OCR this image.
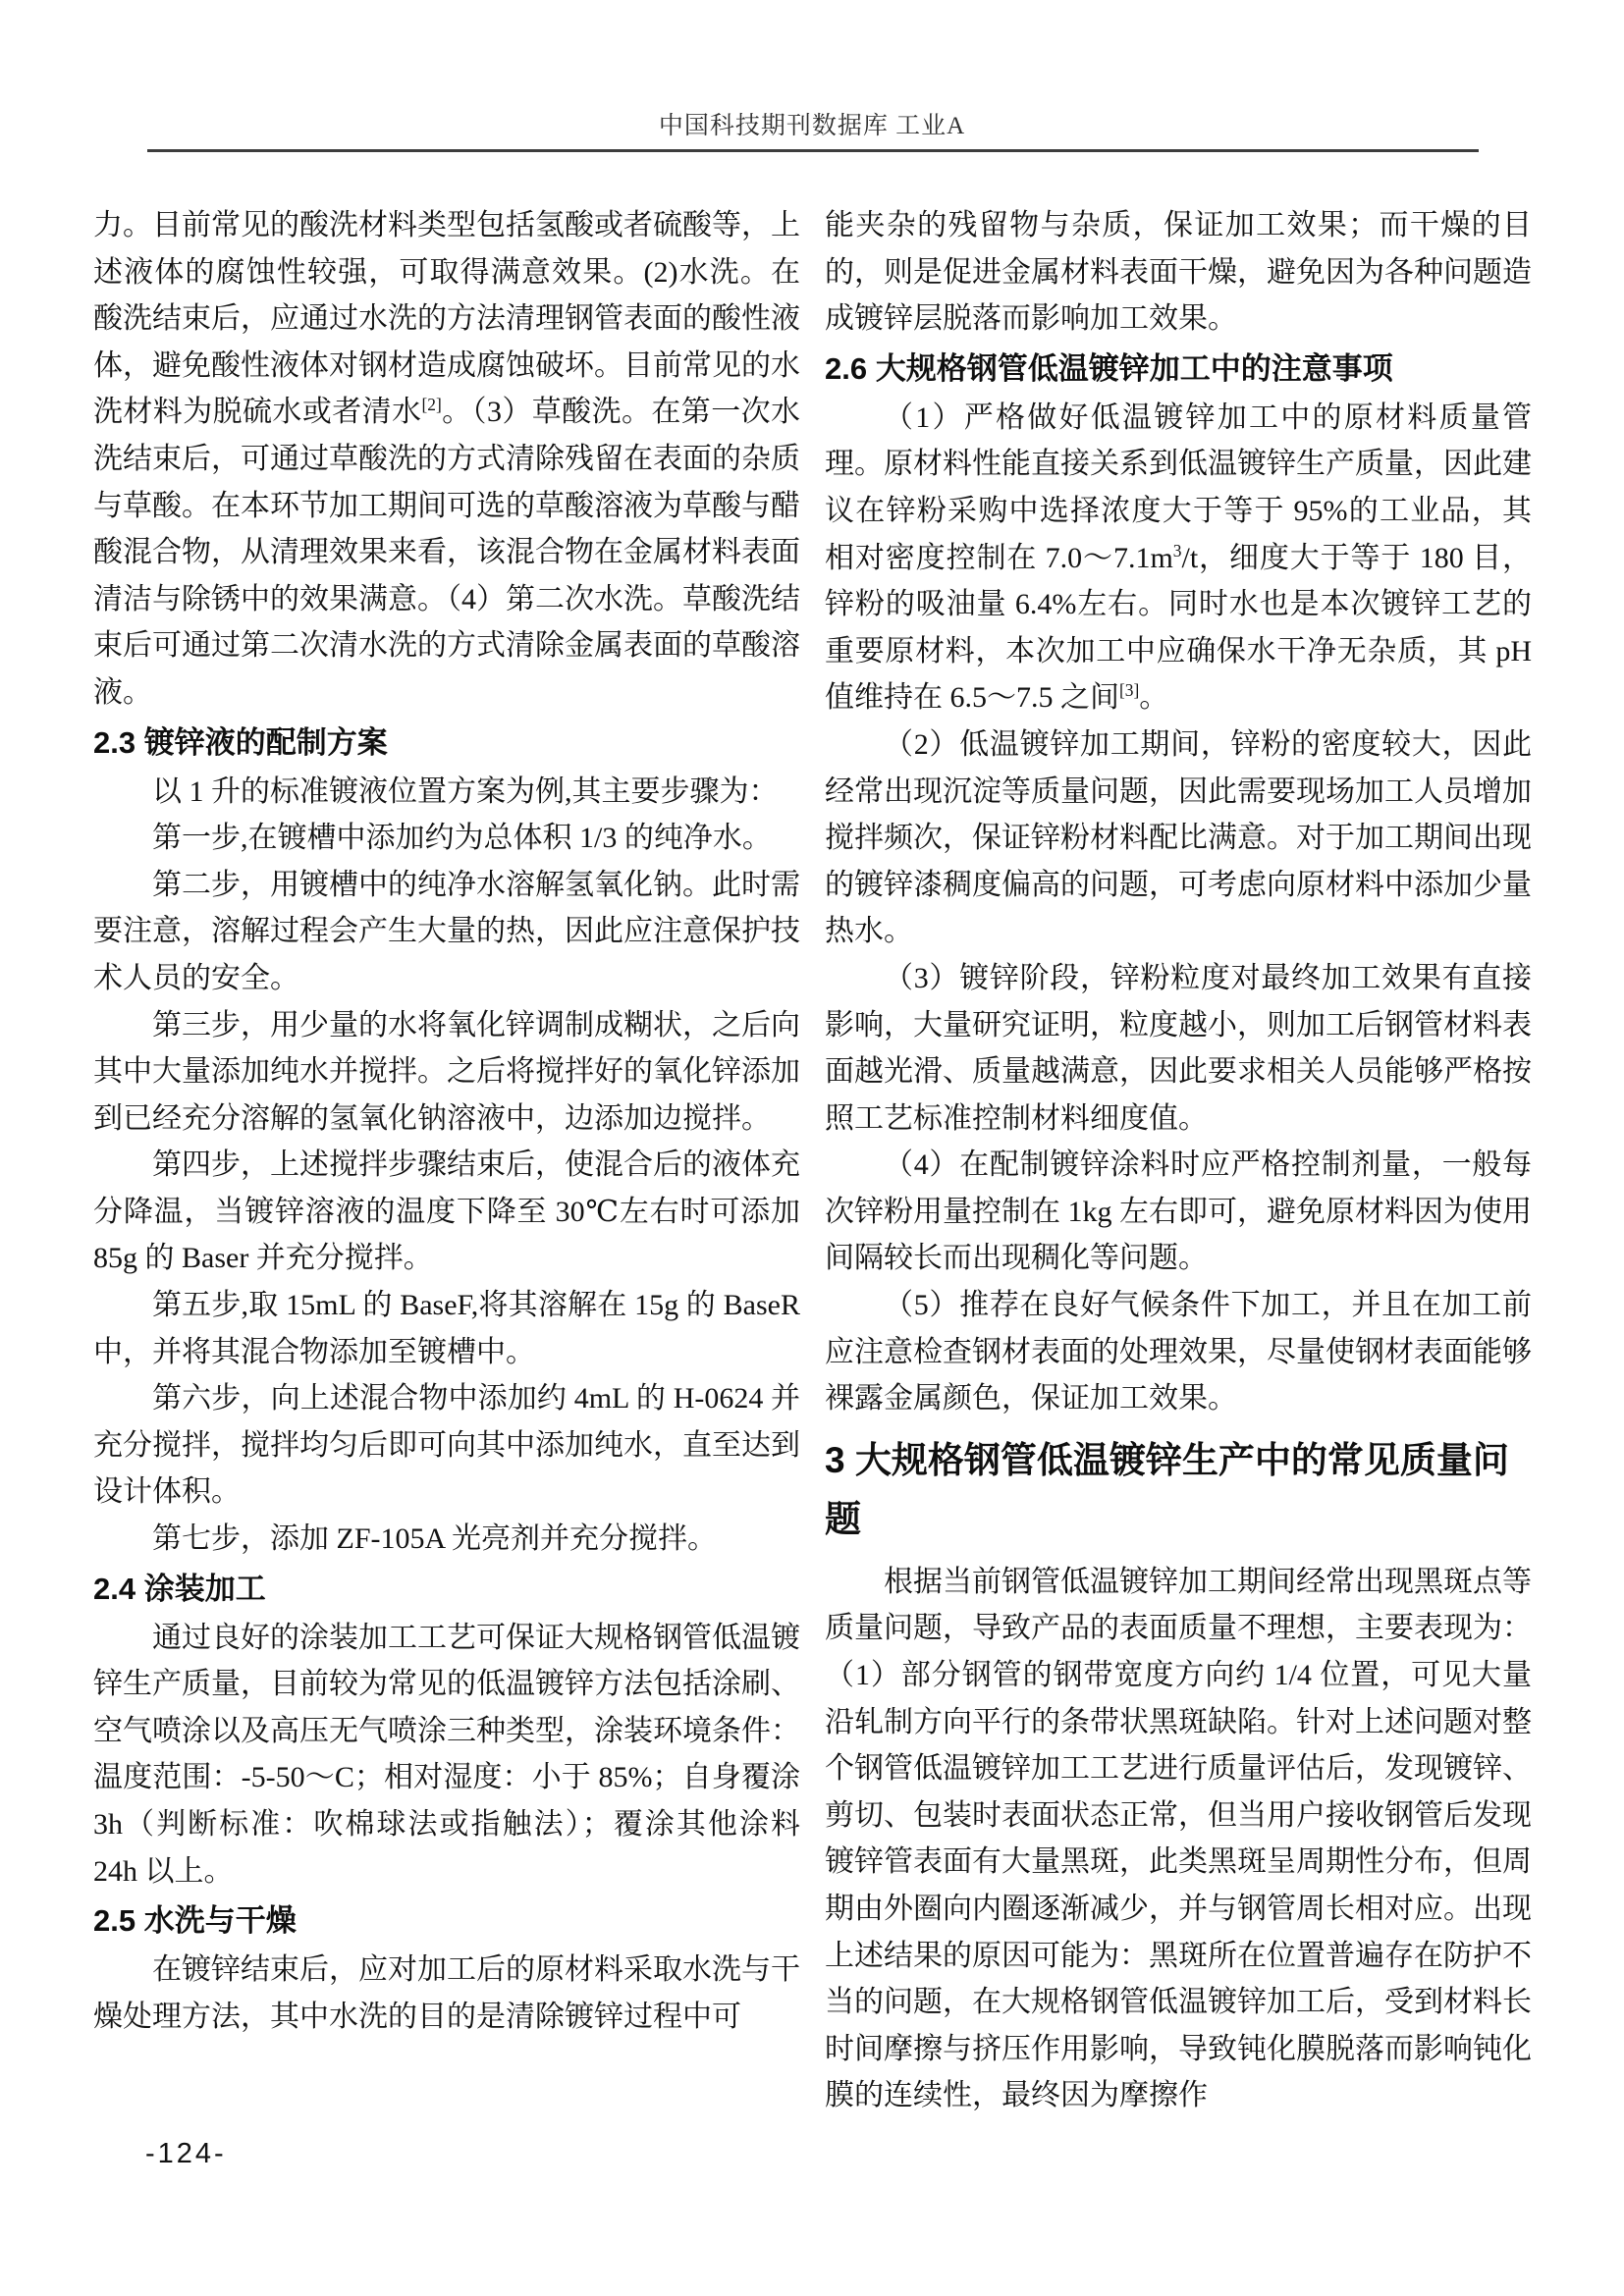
中国科技期刊数据库 工业A

力。目前常见的酸洗材料类型包括氢酸或者硫酸等，上述液体的腐蚀性较强，可取得满意效果。(2)水洗。在酸洗结束后，应通过水洗的方法清理钢管表面的酸性液体，避免酸性液体对钢材造成腐蚀破坏。目前常见的水洗材料为脱硫水或者清水[2]。（3）草酸洗。在第一次水洗结束后，可通过草酸洗的方式清除残留在表面的杂质与草酸。在本环节加工期间可选的草酸溶液为草酸与醋酸混合物，从清理效果来看，该混合物在金属材料表面清洁与除锈中的效果满意。（4）第二次水洗。草酸洗结束后可通过第二次清水洗的方式清除金属表面的草酸溶液。

2.3 镀锌液的配制方案

以 1 升的标准镀液位置方案为例,其主要步骤为：

第一步,在镀槽中添加约为总体积 1/3 的纯净水。

第二步，用镀槽中的纯净水溶解氢氧化钠。此时需要注意，溶解过程会产生大量的热，因此应注意保护技术人员的安全。

第三步，用少量的水将氧化锌调制成糊状，之后向其中大量添加纯水并搅拌。之后将搅拌好的氧化锌添加到已经充分溶解的氢氧化钠溶液中，边添加边搅拌。

第四步，上述搅拌步骤结束后，使混合后的液体充分降温，当镀锌溶液的温度下降至 30℃左右时可添加 85g 的 Baser 并充分搅拌。

第五步,取 15mL 的 BaseF,将其溶解在 15g 的 BaseR 中，并将其混合物添加至镀槽中。

第六步，向上述混合物中添加约 4mL 的 H-0624 并充分搅拌，搅拌均匀后即可向其中添加纯水，直至达到设计体积。

第七步，添加 ZF-105A 光亮剂并充分搅拌。

2.4 涂装加工

通过良好的涂装加工工艺可保证大规格钢管低温镀锌生产质量，目前较为常见的低温镀锌方法包括涂刷、空气喷涂以及高压无气喷涂三种类型，涂装环境条件：温度范围：-5-50～C；相对湿度：小于 85%；自身覆涂 3h（判断标准：吹棉球法或指触法）；覆涂其他涂料 24h 以上。

2.5 水洗与干燥

在镀锌结束后，应对加工后的原材料采取水洗与干燥处理方法，其中水洗的目的是清除镀锌过程中可

能夹杂的残留物与杂质，保证加工效果；而干燥的目的，则是促进金属材料表面干燥，避免因为各种问题造成镀锌层脱落而影响加工效果。

2.6 大规格钢管低温镀锌加工中的注意事项

（1）严格做好低温镀锌加工中的原材料质量管理。原材料性能直接关系到低温镀锌生产质量，因此建议在锌粉采购中选择浓度大于等于 95%的工业品，其相对密度控制在 $7.0\sim 7.1m^3/t$，细度大于等于 180 目，锌粉的吸油量 6.4%左右。同时水也是本次镀锌工艺的重要原材料，本次加工中应确保水干净无杂质，其 pH 值维持在 6.5～7.5 之间[3]。

（2）低温镀锌加工期间，锌粉的密度较大，因此经常出现沉淀等质量问题，因此需要现场加工人员增加搅拌频次，保证锌粉材料配比满意。对于加工期间出现的镀锌漆稠度偏高的问题，可考虑向原材料中添加少量热水。

（3）镀锌阶段，锌粉粒度对最终加工效果有直接影响，大量研究证明，粒度越小，则加工后钢管材料表面越光滑、质量越满意，因此要求相关人员能够严格按照工艺标准控制材料细度值。

（4）在配制镀锌涂料时应严格控制剂量，一般每次锌粉用量控制在 1kg 左右即可，避免原材料因为使用间隔较长而出现稠化等问题。

（5）推荐在良好气候条件下加工，并且在加工前应注意检查钢材表面的处理效果，尽量使钢材表面能够裸露金属颜色，保证加工效果。

3 大规格钢管低温镀锌生产中的常见质量问题

根据当前钢管低温镀锌加工期间经常出现黑斑点等质量问题，导致产品的表面质量不理想，主要表现为：（1）部分钢管的钢带宽度方向约 1/4 位置，可见大量沿轧制方向平行的条带状黑斑缺陷。针对上述问题对整个钢管低温镀锌加工工艺进行质量评估后，发现镀锌、剪切、包装时表面状态正常，但当用户接收钢管后发现镀锌管表面有大量黑斑，此类黑斑呈周期性分布，但周期由外圈向内圈逐渐减少，并与钢管周长相对应。出现上述结果的原因可能为：黑斑所在位置普遍存在防护不当的问题，在大规格钢管低温镀锌加工后，受到材料长时间摩擦与挤压作用影响，导致钝化膜脱落而影响钝化膜的连续性，最终因为摩擦作

-124-
